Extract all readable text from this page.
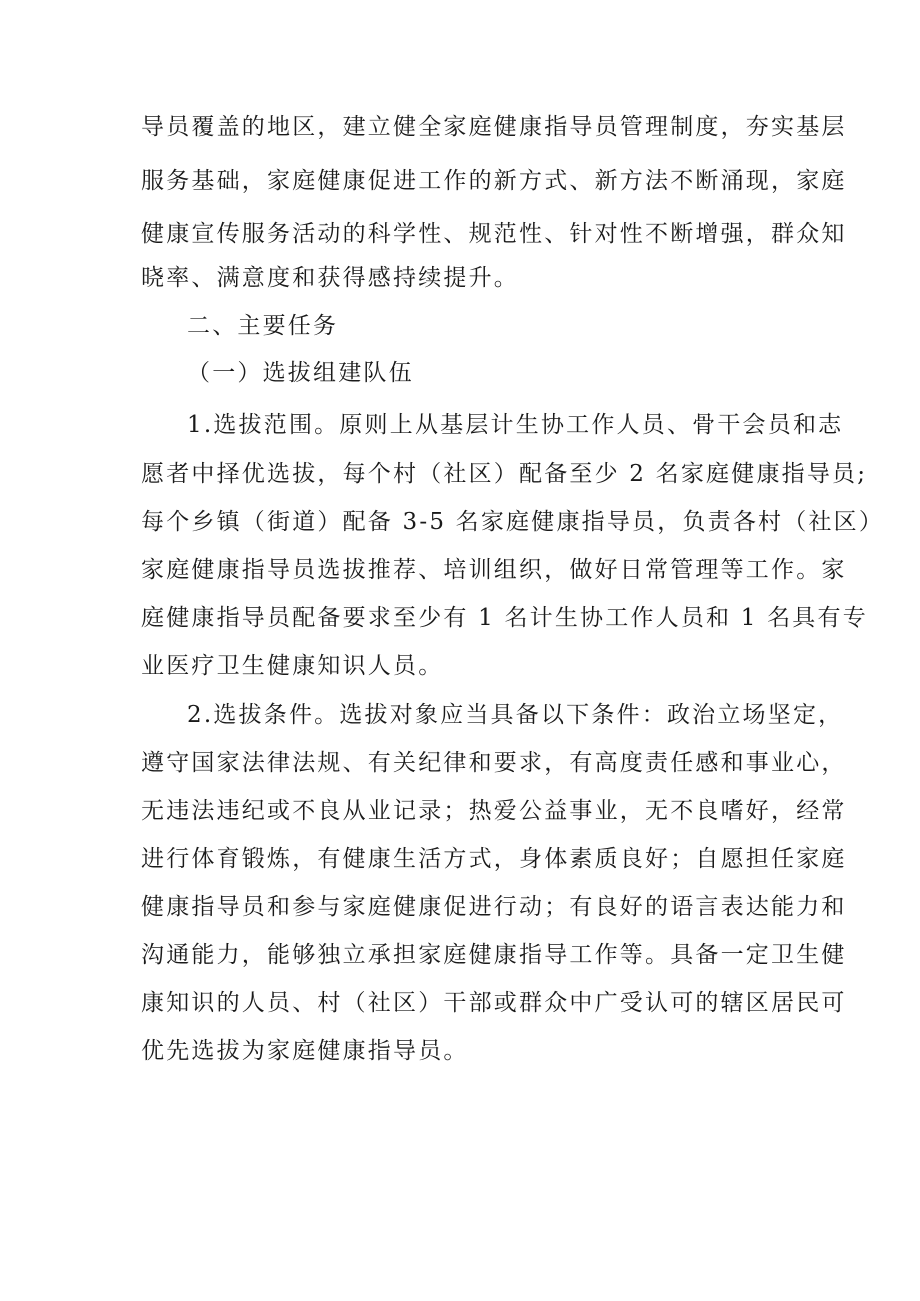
导员覆盖的地区，建立健全家庭健康指导员管理制度，夯实基层
服务基础，家庭健康促进工作的新方式、新方法不断涌现，家庭
健康宣传服务活动的科学性、规范性、针对性不断增强，群众知
晓率、满意度和获得感持续提升。
二、主要任务
（一）选拔组建队伍
1.选拔范围。原则上从基层计生协工作人员、骨干会员和志
愿者中择优选拔，每个村（社区）配备至少 2 名家庭健康指导员;
每个乡镇（街道）配备 3-5 名家庭健康指导员，负责各村（社区）
家庭健康指导员选拔推荐、培训组织，做好日常管理等工作。家
庭健康指导员配备要求至少有 1 名计生协工作人员和 1 名具有专
业医疗卫生健康知识人员。
2.选拔条件。选拔对象应当具备以下条件：政治立场坚定，
遵守国家法律法规、有关纪律和要求，有高度责任感和事业心，
无违法违纪或不良从业记录；热爱公益事业，无不良嗜好，经常
进行体育锻炼，有健康生活方式，身体素质良好；自愿担任家庭
健康指导员和参与家庭健康促进行动；有良好的语言表达能力和
沟通能力，能够独立承担家庭健康指导工作等。具备一定卫生健
康知识的人员、村（社区）干部或群众中广受认可的辖区居民可
优先选拔为家庭健康指导员。
